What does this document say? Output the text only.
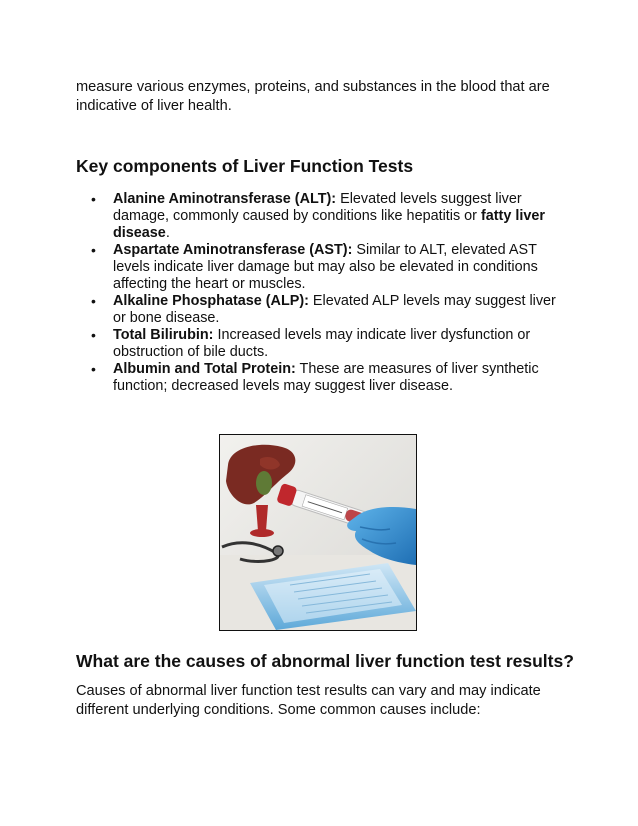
measure various enzymes, proteins, and substances in the blood that are indicative of liver health.

Key components of Liver Function Tests
• Alanine Aminotransferase (ALT): Elevated levels suggest liver damage, commonly caused by conditions like hepatitis or fatty liver disease.
• Aspartate Aminotransferase (AST): Similar to ALT, elevated AST levels indicate liver damage but may also be elevated in conditions affecting the heart or muscles.
• Alkaline Phosphatase (ALP): Elevated ALP levels may suggest liver or bone disease.
• Total Bilirubin: Increased levels may indicate liver dysfunction or obstruction of bile ducts.
• Albumin and Total Protein: These are measures of liver synthetic function; decreased levels may suggest liver disease.
What are the causes of abnormal liver function test results?

Causes of abnormal liver function test results can vary and may indicate different underlying conditions. Some common causes include:
